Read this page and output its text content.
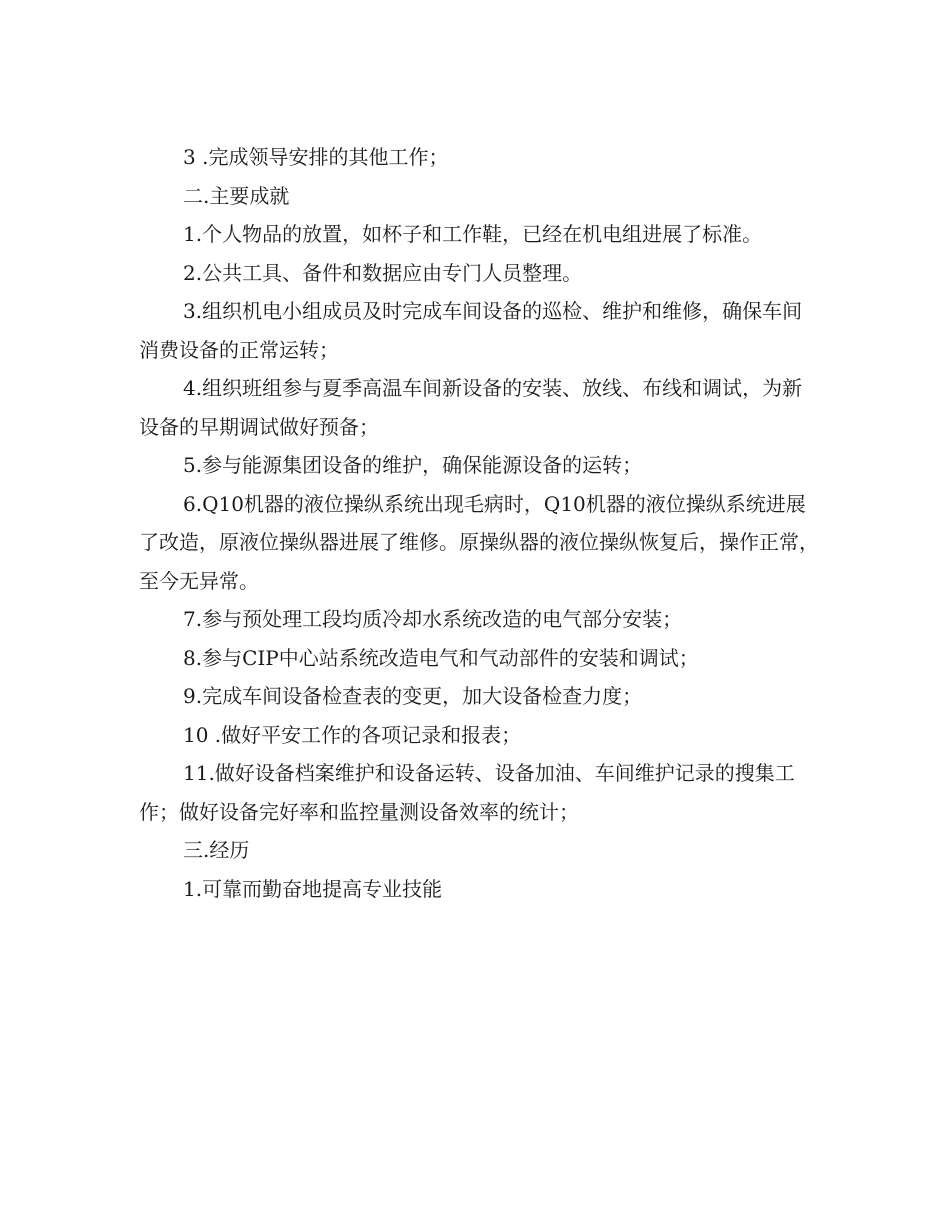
3 .完成领导安排的其他工作；

二.主要成就

1.个人物品的放置，如杯子和工作鞋，已经在机电组进展了标准。

2.公共工具、备件和数据应由专门人员整理。

3.组织机电小组成员及时完成车间设备的巡检、维护和维修，确保车间消费设备的正常运转；

4.组织班组参与夏季高温车间新设备的安装、放线、布线和调试，为新设备的早期调试做好预备；

5.参与能源集团设备的维护，确保能源设备的运转；

6.Q10机器的液位操纵系统出现毛病时，Q10机器的液位操纵系统进展了改造，原液位操纵器进展了维修。原操纵器的液位操纵恢复后，操作正常，至今无异常。

7.参与预处理工段均质冷却水系统改造的电气部分安装；

8.参与CIP中心站系统改造电气和气动部件的安装和调试；

9.完成车间设备检查表的变更，加大设备检查力度；

10 .做好平安工作的各项记录和报表；

11.做好设备档案维护和设备运转、设备加油、车间维护记录的搜集工作；做好设备完好率和监控量测设备效率的统计；

三.经历

1.可靠而勤奋地提高专业技能
